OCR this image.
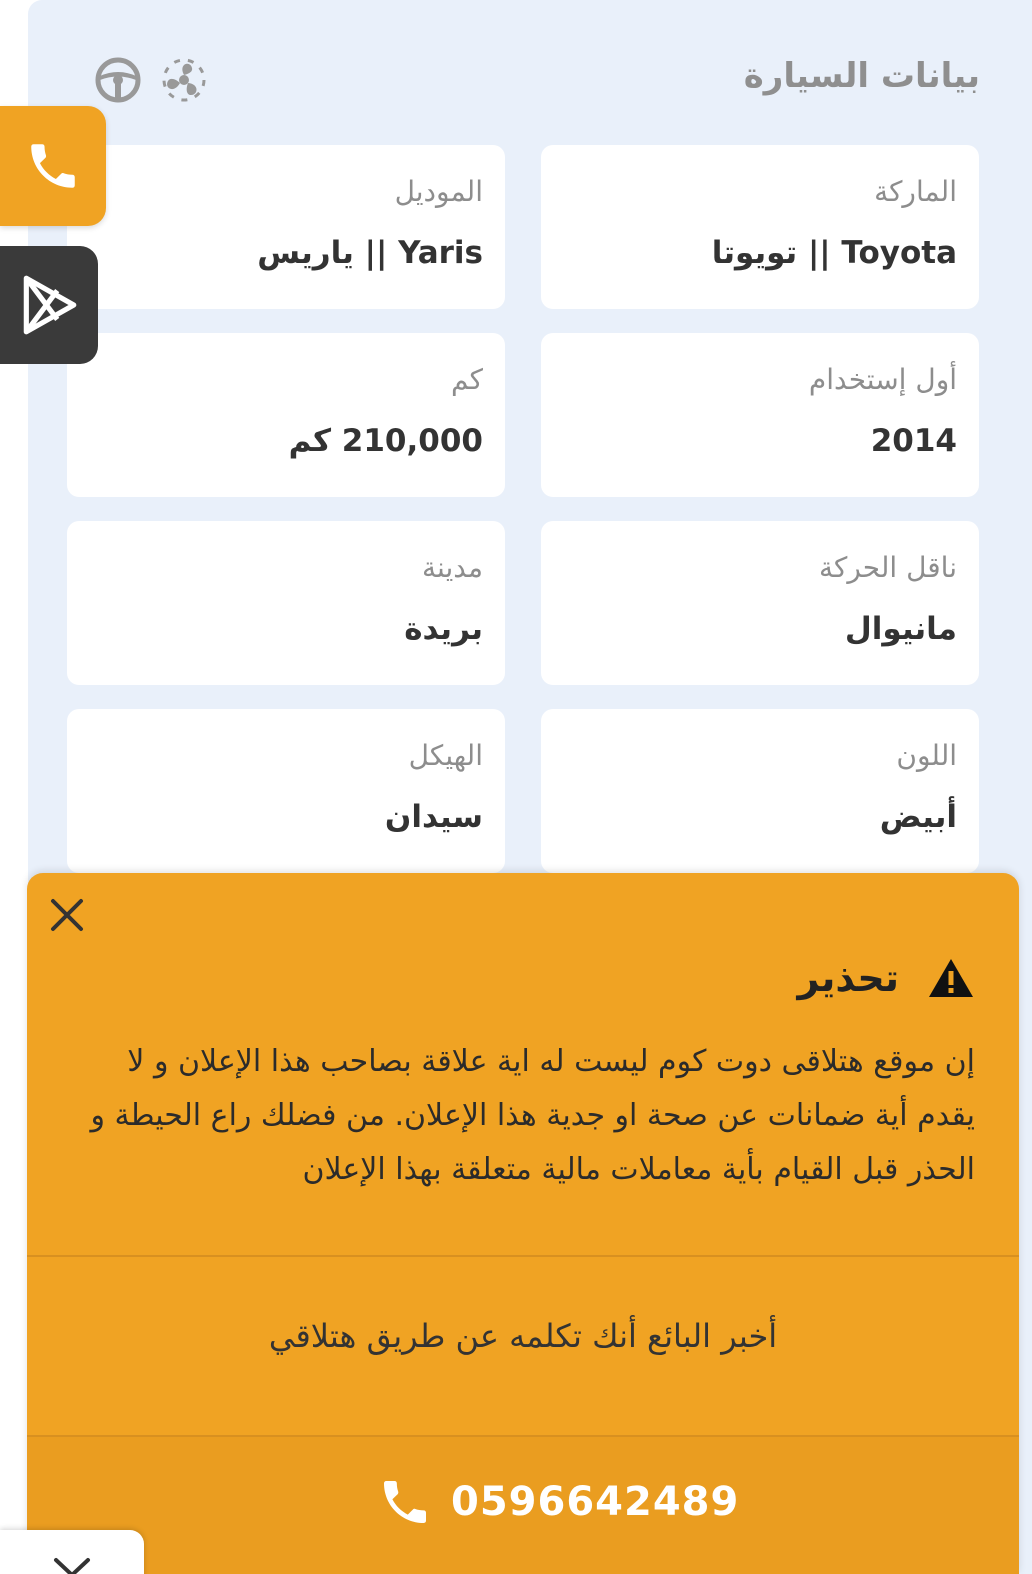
بيانات السيارة
الماركة
Toyota || تويوتا
الموديل
Yaris || ياريس
أول إستخدام
2014
كم
210,000 كم
ناقل الحركة
مانيوال
مدينة
بريدة
اللون
أبيض
الهيكل
سيدان
تحذير
إن موقع هتلاقى دوت كوم ليست له اية علاقة بصاحب هذا الإعلان و لا يقدم أية ضمانات عن صحة او جدية هذا الإعلان. من فضلك راع الحيطة و الحذر قبل القيام بأية معاملات مالية متعلقة بهذا الإعلان
أخبر البائع أنك تكلمه عن طريق هتلاقي
0596642489
